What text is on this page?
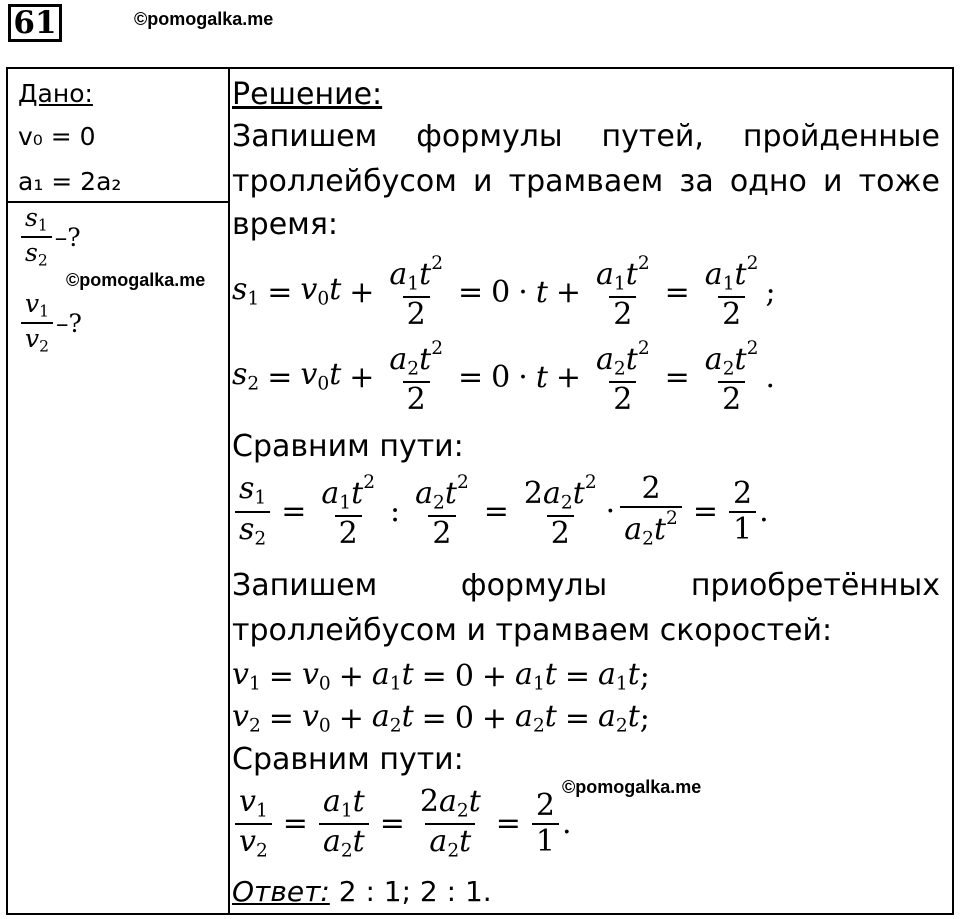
61	©pomogalka.me
Дано:
v₀ = 0
a₁ = 2a₂
$\frac{s1}{s2}$ –?
©pomogalka.me
$\frac{v1}{v2}$ –?
Решение:
Запишем формулы путей, пройденные
троллейбусом и трамваем за одно и тоже
время:
$s1 = v0t + \frac{a1t^2}{2} = 0 \cdot t + \frac{a1t^2}{2} = \frac{a1t^2}{2}$ ;
$s2 = v0t + \frac{a2t^2}{2} = 0 \cdot t + \frac{a2t^2}{2} = \frac{a2t^2}{2}$ .
Сравним пути:
$\frac{s1}{s2} = \frac{a1t^2}{2}$ : $\frac{a2t^2}{2} = \frac{2a2t^2}{2} \cdot \frac{2}{a2t^2} = \frac{2}{1}$ .
Запишем	формулы	приобретённых
троллейбусом и трамваем скоростей:
v1 = v0 + a1t = 0 + a1t = a1t ;
v2 = v0 + a2t = 0 + a2t = a2t ;
Сравним пути:
©pomogalka.me
$\frac{v1}{v2} = \frac{a1t}{a2t} = \frac{2a2t}{a2t} = \frac{2}{1}$ .
Ответ: 2 : 1; 2 : 1.
